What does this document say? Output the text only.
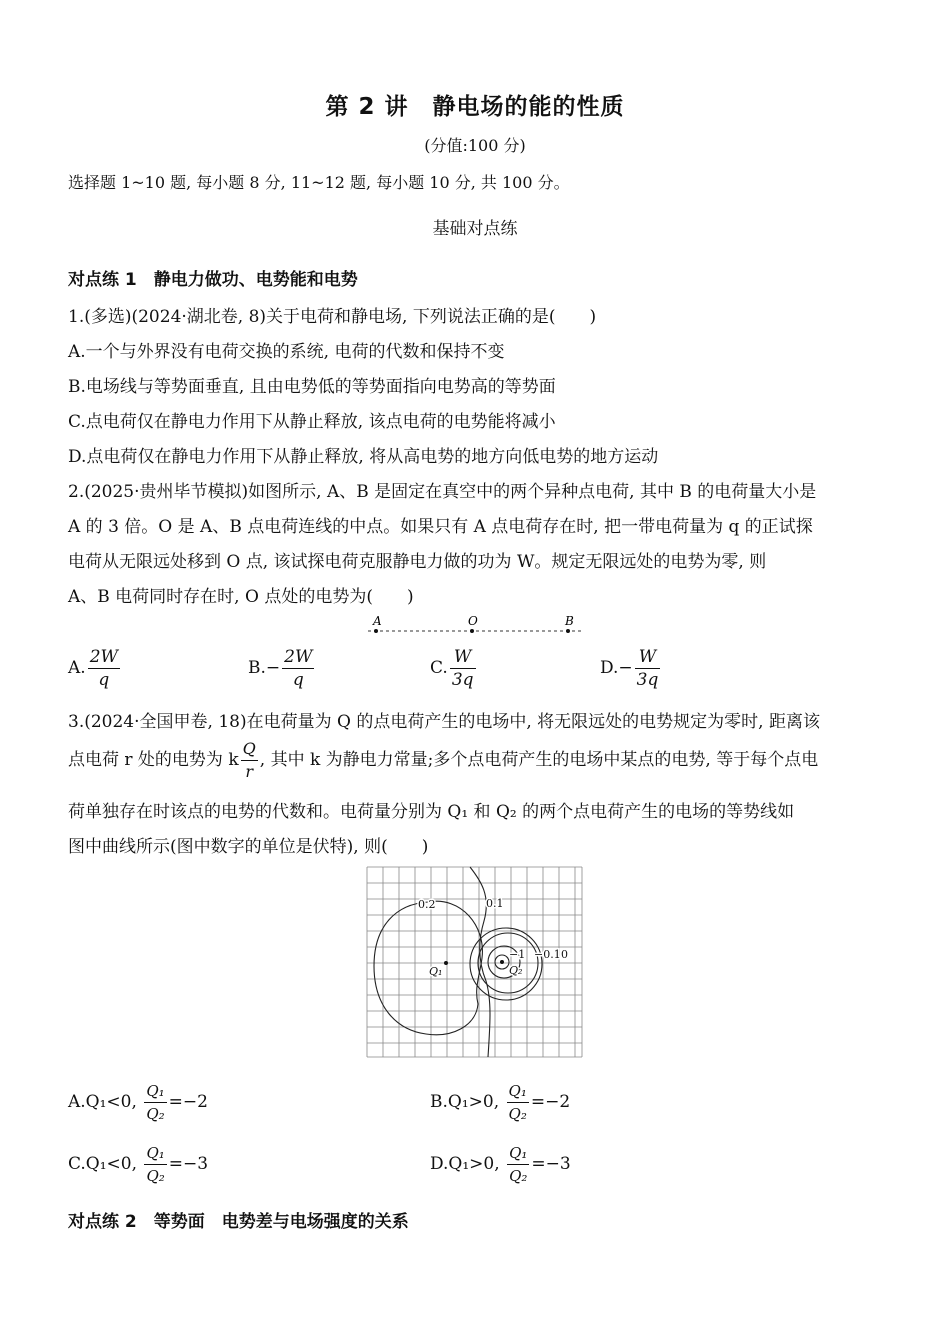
第 2 讲　静电场的能的性质
(分值:100 分)
选择题 1~10 题, 每小题 8 分, 11~12 题, 每小题 10 分, 共 100 分。
基础对点练
对点练 1　静电力做功、电势能和电势
1.(多选)(2024·湖北卷, 8)关于电荷和静电场, 下列说法正确的是(　　)
A.一个与外界没有电荷交换的系统, 电荷的代数和保持不变
B.电场线与等势面垂直, 且由电势低的等势面指向电势高的等势面
C.点电荷仅在静电力作用下从静止释放, 该点电荷的电势能将减小
D.点电荷仅在静电力作用下从静止释放, 将从高电势的地方向低电势的地方运动
2.(2025·贵州毕节模拟)如图所示, A、B 是固定在真空中的两个异种点电荷, 其中 B 的电荷量大小是
A 的 3 倍。O 是 A、B 点电荷连线的中点。如果只有 A 点电荷存在时, 把一带电荷量为 q 的正试探
电荷从无限远处移到 O 点, 该试探电荷克服静电力做的功为 W。规定无限远处的电势为零, 则
A、B 电荷同时存在时, O 点处的电势为(　　)
A	O	B
A. $\frac{2W}{q}$	$B.- \frac{2W}{q}$	C. $\frac{W}{3q}$	$D.- \frac{W}{3q}$
3.(2024·全国甲卷, 18)在电荷量为 Q 的点电荷产生的电场中, 将无限远处的电势规定为零时, 距离该
点电荷 r 处的电势为 k $\frac{Q}{r}$ , 其中 k 为静电力常量;多个点电荷产生的电场中某点的电势, 等于每个点电
荷单独存在时该点的电势的代数和。电荷量分别为 Q₁ 和 Q₂ 的两个点电荷产生的电场的等势线如
图中曲线所示(图中数字的单位是伏特), 则(　　)
0.2	0.1
−1 −0.1 0
Q₁	Q₂
A.Q₁<0, $\frac{\text{Q₁}}{\text{Q₂}} =-2$	B.Q₁>0, $\frac{\text{Q₁}}{\text{Q₂}} =-2$
C.Q₁<0, $\frac{\text{Q₁}}{\text{Q₂}} =-3$	D.Q₁>0, $\frac{\text{Q₁}}{\text{Q₂}} =-3$
对点练 2　等势面　电势差与电场强度的关系
